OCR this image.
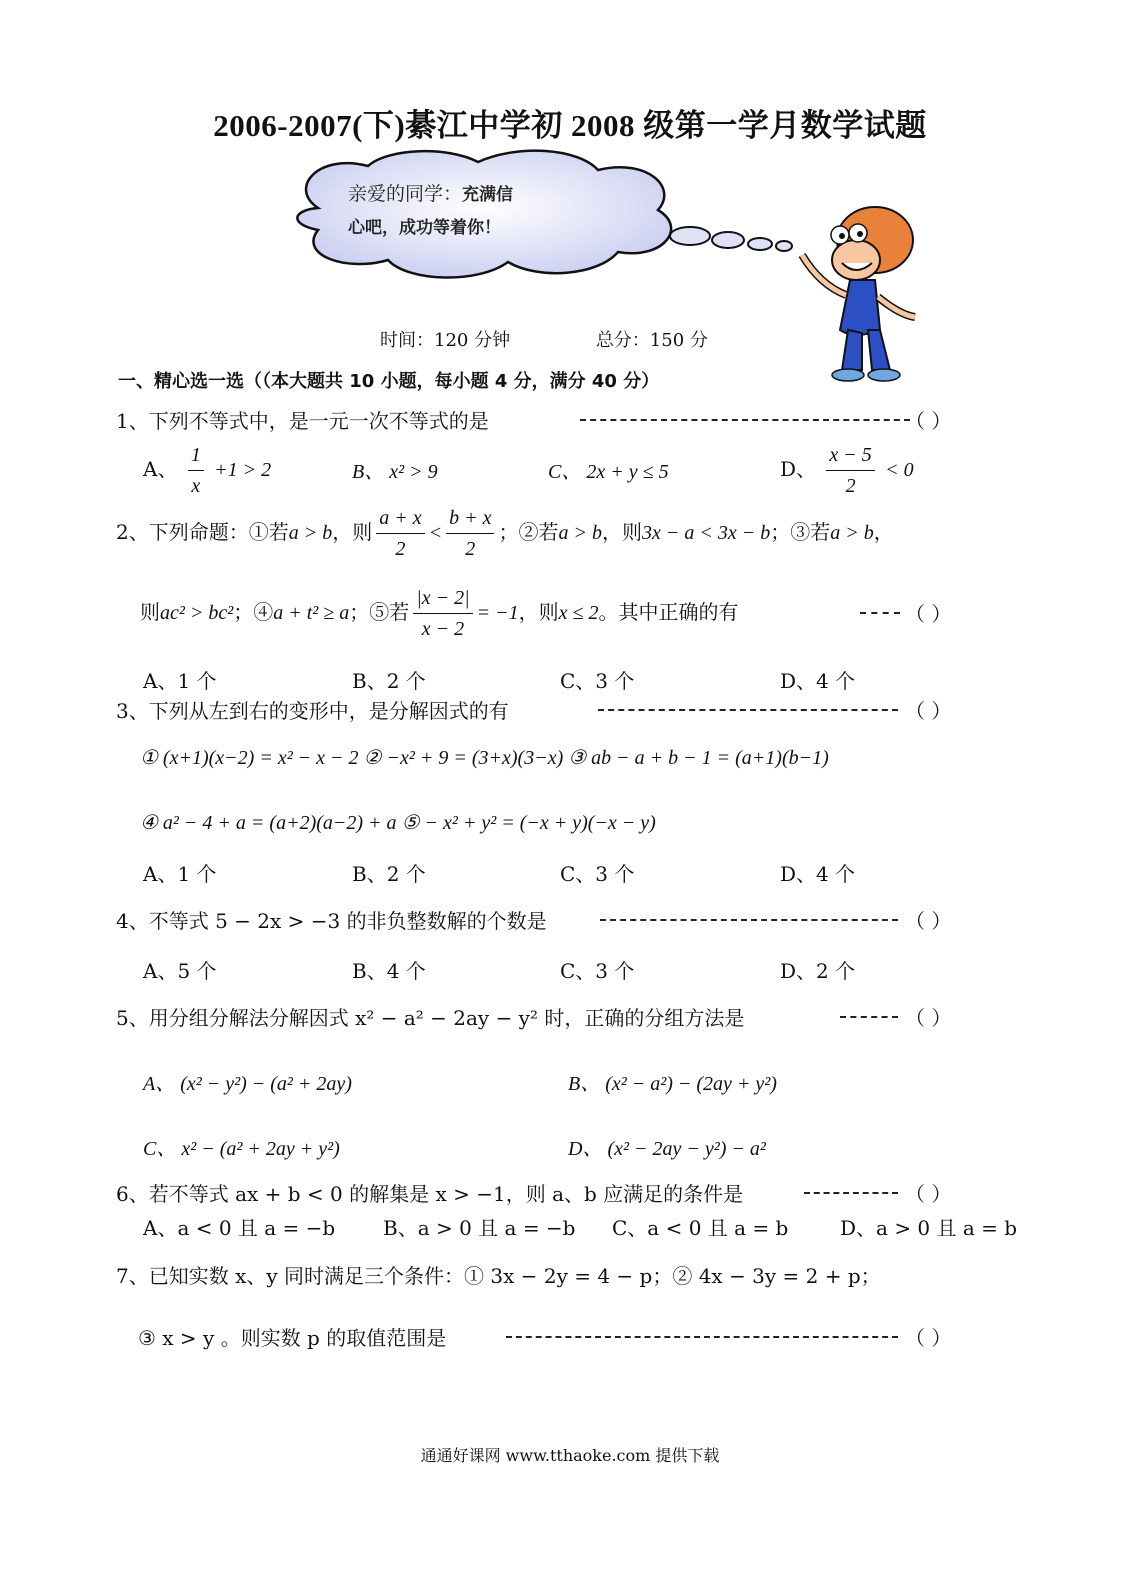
2006-2007(下)綦江中学初 2008 级第一学月数学试题
亲爱的同学：充满信
心吧，成功等着你！
时间：120 分钟	总分：150 分
一、精心选一选（（本大题共 10 小题，每小题 4 分，满分 40 分）
1、下列不等式中，是一元一次不等式的是	（ ）
A、 $\frac{1}{x} +1 > 2$	B、 x² > 9	C、 2x + y ≤ 5	D、 $\frac{x - 5}{2} < 0$
2、下列命题：①若a > b，则 $\frac{a + x}{2} < \frac{b + x}{2}$ ；②若a > b，则3x − a < 3x − b；③若a > b，
则ac² > bc²；④a + t² ≥ a；⑤若 $\frac{|x - 2|}{x - 2} = -1$，则x ≤ 2。其中正确的有	（ ）
A、1 个	B、2 个	C、3 个	D、4 个
3、下列从左到右的变形中，是分解因式的有	（ ）
① (x+1)(x−2) = x² − x − 2 ② −x² + 9 = (3+x)(3−x) ③ ab − a + b − 1 = (a+1)(b−1)
④ a² − 4 + a = (a+2)(a−2) + a ⑤ − x² + y² = (−x + y)(−x − y)
A、1 个	B、2 个	C、3 个	D、4 个
4、不等式 5 − 2x > −3 的非负整数解的个数是	（ ）
A、5 个	B、4 个	C、3 个	D、2 个
5、用分组分解法分解因式 x² − a² − 2ay − y² 时，正确的分组方法是	（ ）
A、 (x² − y²) − (a² + 2ay)	B、 (x² − a²) − (2ay + y²)
C、 x² − (a² + 2ay + y²)	D、 (x² − 2ay − y²) − a²
6、若不等式 ax + b < 0 的解集是 x > −1，则 a、b 应满足的条件是	（ ）
A、a < 0 且 a = −b B、a > 0 且 a = −b C、a < 0 且 a = b	D、a > 0 且 a = b
7、已知实数 x、y 同时满足三个条件：① 3x − 2y = 4 − p；② 4x − 3y = 2 + p；
③ x > y 。则实数 p 的取值范围是	（ ）
通通好课网 www.tthaoke.com 提供下载
